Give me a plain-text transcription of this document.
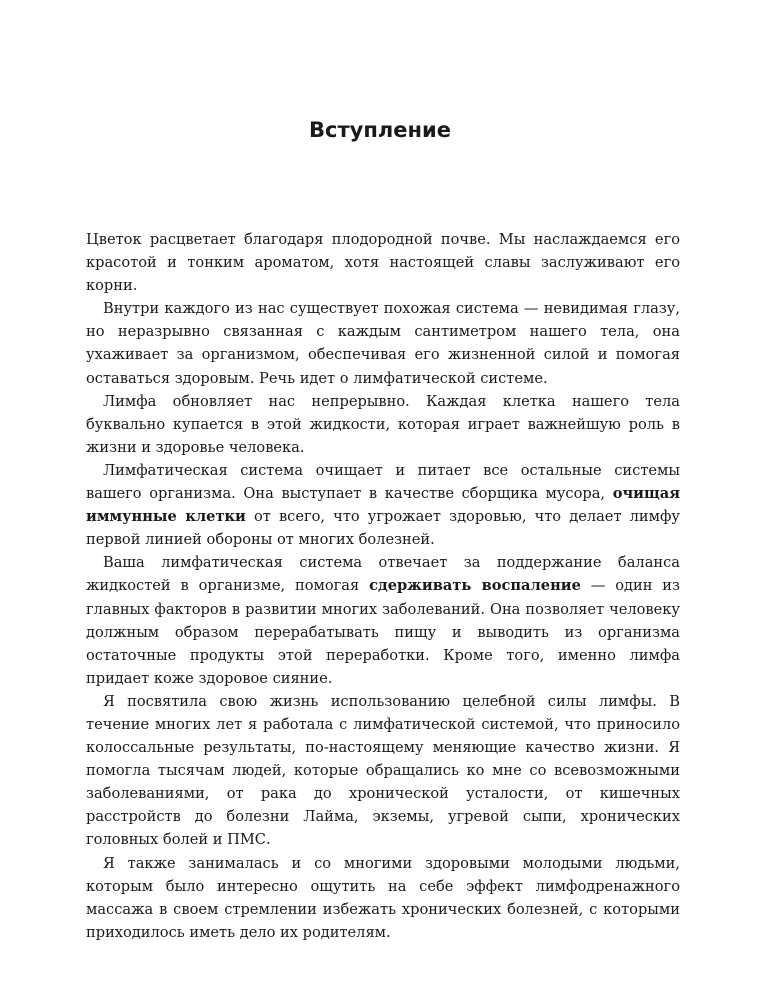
Вступление

Цветок расцветает благодаря плодородной почве. Мы наслаждаемся его красотой и тонким ароматом, хотя настоящей славы заслуживают его корни.

Внутри каждого из нас существует похожая система — невидимая глазу, но неразрывно связанная с каждым сантиметром нашего тела, она ухаживает за организмом, обеспечивая его жизненной силой и помогая оставаться здоровым. Речь идет о лимфатической системе.

Лимфа обновляет нас непрерывно. Каждая клетка нашего тела буквально купается в этой жидкости, которая играет важнейшую роль в жизни и здоровье человека.

Лимфатическая система очищает и питает все остальные системы вашего организма. Она выступает в качестве сборщика мусора, очищая иммунные клетки от всего, что угрожает здоровью, что делает лимфу первой линией обороны от многих болезней.

Ваша лимфатическая система отвечает за поддержание баланса жидкостей в организме, помогая сдерживать воспаление — один из главных факторов в развитии многих заболеваний. Она позволяет человеку должным образом перерабатывать пищу и выводить из организма остаточные продукты этой переработки. Кроме того, именно лимфа придает коже здоровое сияние.

Я посвятила свою жизнь использованию целебной силы лимфы. В течение многих лет я работала с лимфатической системой, что приносило колоссальные результаты, по-настоящему меняющие качество жизни. Я помогла тысячам людей, которые обращались ко мне со всевозможными заболеваниями, от рака до хронической усталости, от кишечных расстройств до болезни Лайма, экземы, угревой сыпи, хронических головных болей и ПМС.

Я также занималась и со многими здоровыми молодыми людьми, которым было интересно ощутить на себе эффект лимфодренажного массажа в своем стремлении избежать хронических болезней, с которыми приходилось иметь дело их родителям.
